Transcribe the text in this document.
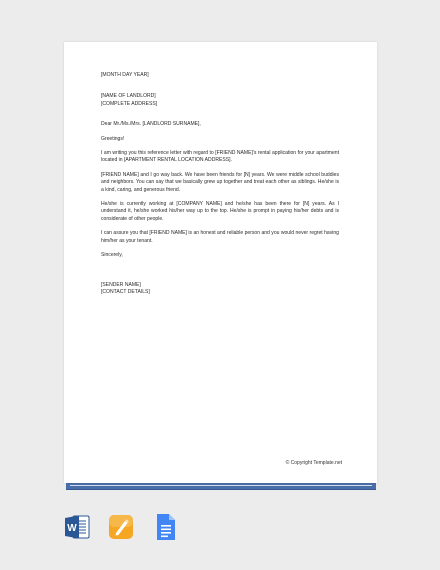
[MONTH DAY YEAR]

[NAME OF LANDLORD]

[COMPLETE ADDRESS]

Dear Mr./Ms./Mrs. [LANDLORD SURNAME],

Greetings!

I am writing you this reference letter with regard to [FRIEND NAME]'s rental application for your apartment located in [APARTMENT RENTAL LOCATION ADDRESS].

[FRIEND NAME] and I go way back. We have been friends for [N] years. We were middle school buddies and neighbors. You can say that we basically grew up together and treat each other as siblings. He/she is a kind, caring, and generous friend.

He/she is currently working at [COMPANY NAME] and he/she has been there for [N] years. As I understand it, he/she worked his/her way up to the top. He/she is prompt in paying his/her debts and is considerate of other people.

I can assure you that [FRIEND NAME] is an honest and reliable person and you would never regret having him/her as your tenant.

Sincerely,

[SENDER NAME]

[CONTACT DETAILS]

© Copyright Template.net
W
